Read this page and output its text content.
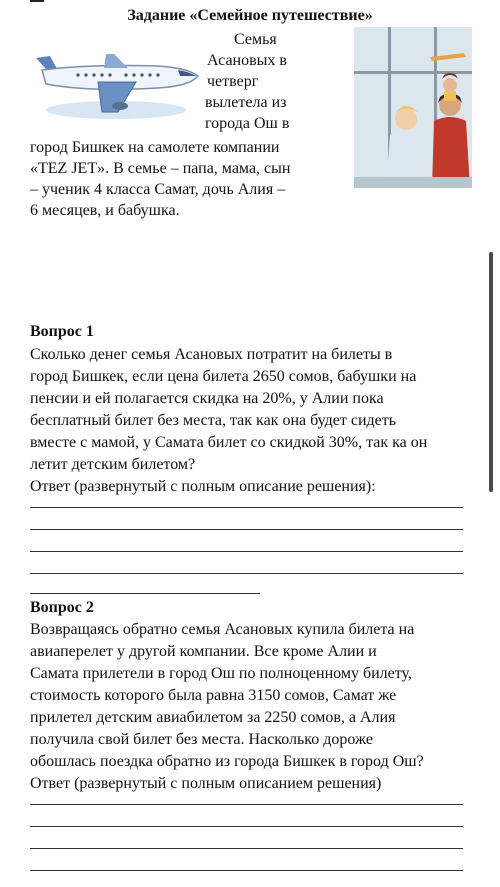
Задание «Семейное путешествие»
Семья
Асановых в
четверг
вылетела из
города Ош в
город Бишкек на самолете компании
«TEZ JET». В семье – папа, мама, сын
– ученик 4 класса Самат, дочь Алия –
6 месяцев, и бабушка.
Вопрос 1
Сколько денег семья Асановых потратит на билеты в
город Бишкек, если цена билета 2650 сомов, бабушки на
пенсии и ей полагается скидка на 20%, у Алии пока
бесплатный билет без места, так как она будет сидеть
вместе с мамой, у Самата билет со скидкой 30%, так ка он
летит детским билетом?
Ответ (развернутый с полным описание решения):
Вопрос 2
Возвращаясь обратно семья Асановых купила билета на
авиаперелет у другой компании. Все кроме Алии и
Самата прилетели в город Ош по полноценному билету,
стоимость которого была равна 3150 сомов, Самат же
прилетел детским авиабилетом за 2250 сомов, а Алия
получила свой билет без места. Насколько дороже
обошлась поездка обратно из города Бишкек в город Ош?
Ответ (развернутый с полным описанием решения)
